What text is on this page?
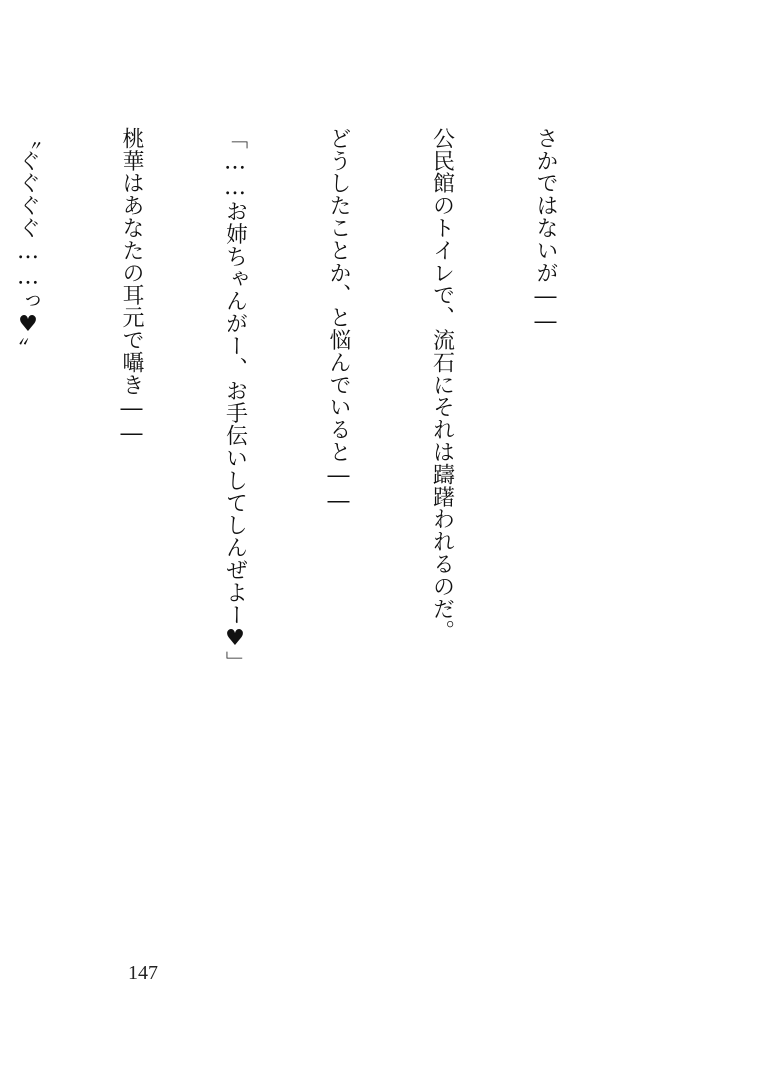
さかではないが――

公民館のトイレで、流石にそれは躊躇われるのだ。

どうしたことか、と悩んでいると――

「……お姉ちゃんがー、お手伝いしてしんぜよー♥」

桃華はあなたの耳元で囁き――

〝ぐぐぐぐ……っ♥〟

147
